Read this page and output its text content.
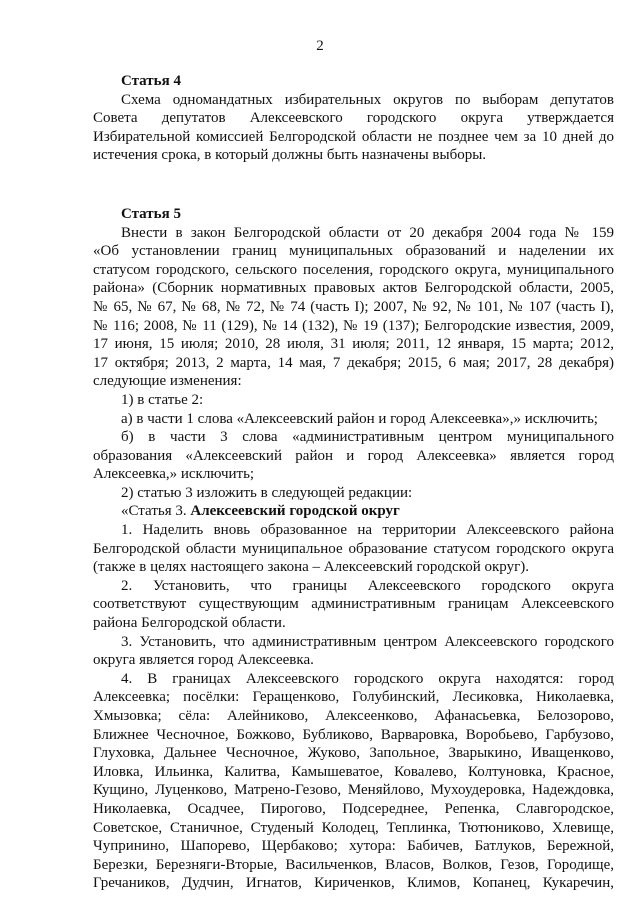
2
Статья 4
Схема одномандатных избирательных округов по выборам депутатов
Совета депутатов Алексеевского городского округа утверждается
Избирательной комиссией Белгородской области не позднее чем за 10 дней до
истечения срока, в который должны быть назначены выборы.
Статья 5
Внести в закон Белгородской области от 20 декабря 2004 года № 159
«Об установлении границ муниципальных образований и наделении их
статусом городского, сельского поселения, городского округа, муниципального
района» (Сборник нормативных правовых актов Белгородской области, 2005,
№ 65, № 67, № 68, № 72, № 74 (часть I); 2007, № 92, № 101, № 107 (часть I),
№ 116; 2008, № 11 (129), № 14 (132), № 19 (137); Белгородские известия, 2009,
17 июня, 15 июля; 2010, 28 июля, 31 июля; 2011, 12 января, 15 марта; 2012,
17 октября; 2013, 2 марта, 14 мая, 7 декабря; 2015, 6 мая; 2017, 28 декабря)
следующие изменения:
1) в статье 2:
а) в части 1 слова «Алексеевский район и город Алексеевка»,» исключить;
б) в части 3 слова «административным центром муниципального
образования «Алексеевский район и город Алексеевка» является город
Алексеевка,» исключить;
2) статью 3 изложить в следующей редакции:
«Статья 3. Алексеевский городской округ
1. Наделить вновь образованное на территории Алексеевского района
Белгородской области муниципальное образование статусом городского округа
(также в целях настоящего закона – Алексеевский городской округ).
2. Установить, что границы Алексеевского городского округа
соответствуют существующим административным границам Алексеевского
района Белгородской области.
3. Установить, что административным центром Алексеевского городского
округа является город Алексеевка.
4. В границах Алексеевского городского округа находятся: город
Алексеевка; посёлки: Геращенково, Голубинский, Лесиковка, Николаевка,
Хмызовка; сёла: Алейниково, Алексеенково, Афанасьевка, Белозорово,
Ближнее Чесночное, Божково, Бубликово, Варваровка, Воробьево, Гарбузово,
Глуховка, Дальнее Чесночное, Жуково, Запольное, Зварыкино, Иващенково,
Иловка, Ильинка, Калитва, Камышеватое, Ковалево, Колтуновка, Красное,
Кущино, Луценково, Матрено-Гезово, Меняйлово, Мухоудеровка, Надеждовка,
Николаевка, Осадчее, Пирогово, Подсереднее, Репенка, Славгородское,
Советское, Станичное, Студеный Колодец, Теплинка, Тютюниково, Хлевище,
Чупринино, Шапорево, Щербаково; хутора: Бабичев, Батлуков, Бережной,
Березки, Березняги-Вторые, Васильченков, Власов, Волков, Гезов, Городище,
Гречаников, Дудчин, Игнатов, Кириченков, Климов, Копанец, Кукаречин,
